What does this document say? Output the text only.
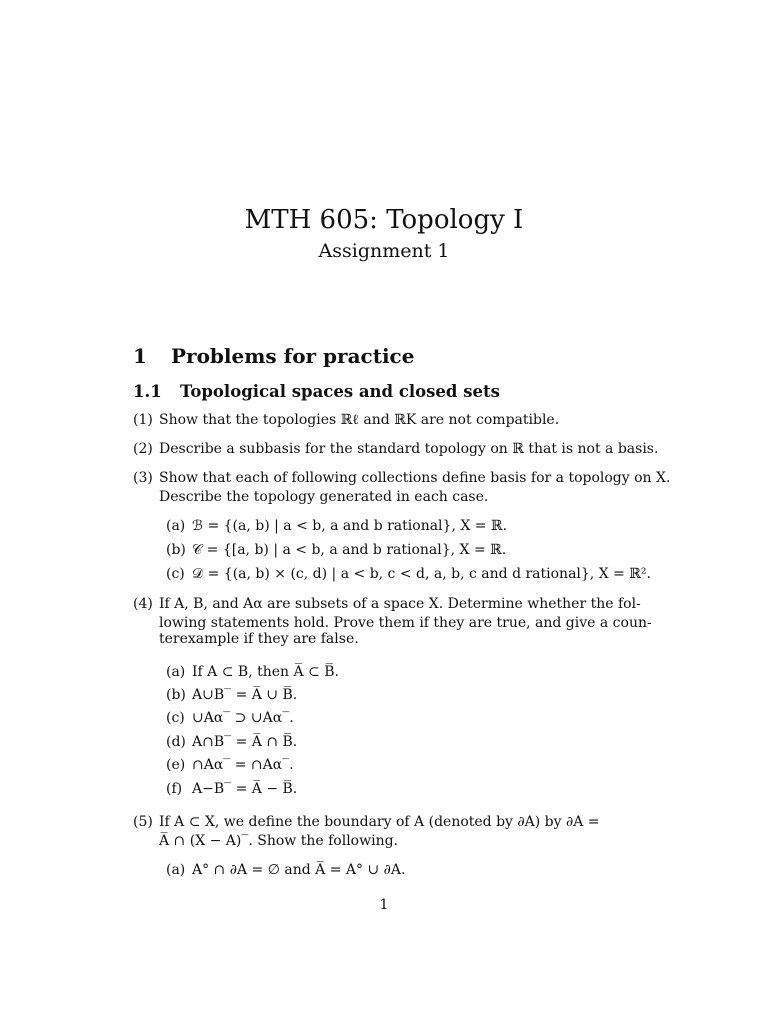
MTH 605: Topology I
Assignment 1
1 Problems for practice
1.1 Topological spaces and closed sets
(1) Show that the topologies ℝℓ and ℝK are not compatible.
(2) Describe a subbasis for the standard topology on ℝ that is not a basis.
(3) Show that each of following collections define basis for a topology on X.
Describe the topology generated in each case.
(a) ℬ = {(a, b) | a < b, a and b rational}, X = ℝ.
(b) 𝒞 = {[a, b) | a < b, a and b rational}, X = ℝ.
(c) 𝒟 = {(a, b) × (c, d) | a < b, c < d, a, b, c and d rational}, X = ℝ².
(4) If A, B, and Aα are subsets of a space X. Determine whether the fol-
lowing statements hold. Prove them if they are true, and give a coun-
terexample if they are false.
(a) If A ⊂ B, then A̅ ⊂ B̅.
(b) A∪B‾ = A̅ ∪ B̅.
(c) ∪Aα‾ ⊃ ∪Aα‾.
(d) A∩B‾ = A̅ ∩ B̅.
(e) ∩Aα‾ = ∩Aα‾.
(f) A−B‾ = A̅ − B̅.
(5) If A ⊂ X, we define the boundary of A (denoted by ∂A) by ∂A =
A̅ ∩ (X − A)‾. Show the following.
(a) A° ∩ ∂A = ∅ and A̅ = A° ∪ ∂A.
1
